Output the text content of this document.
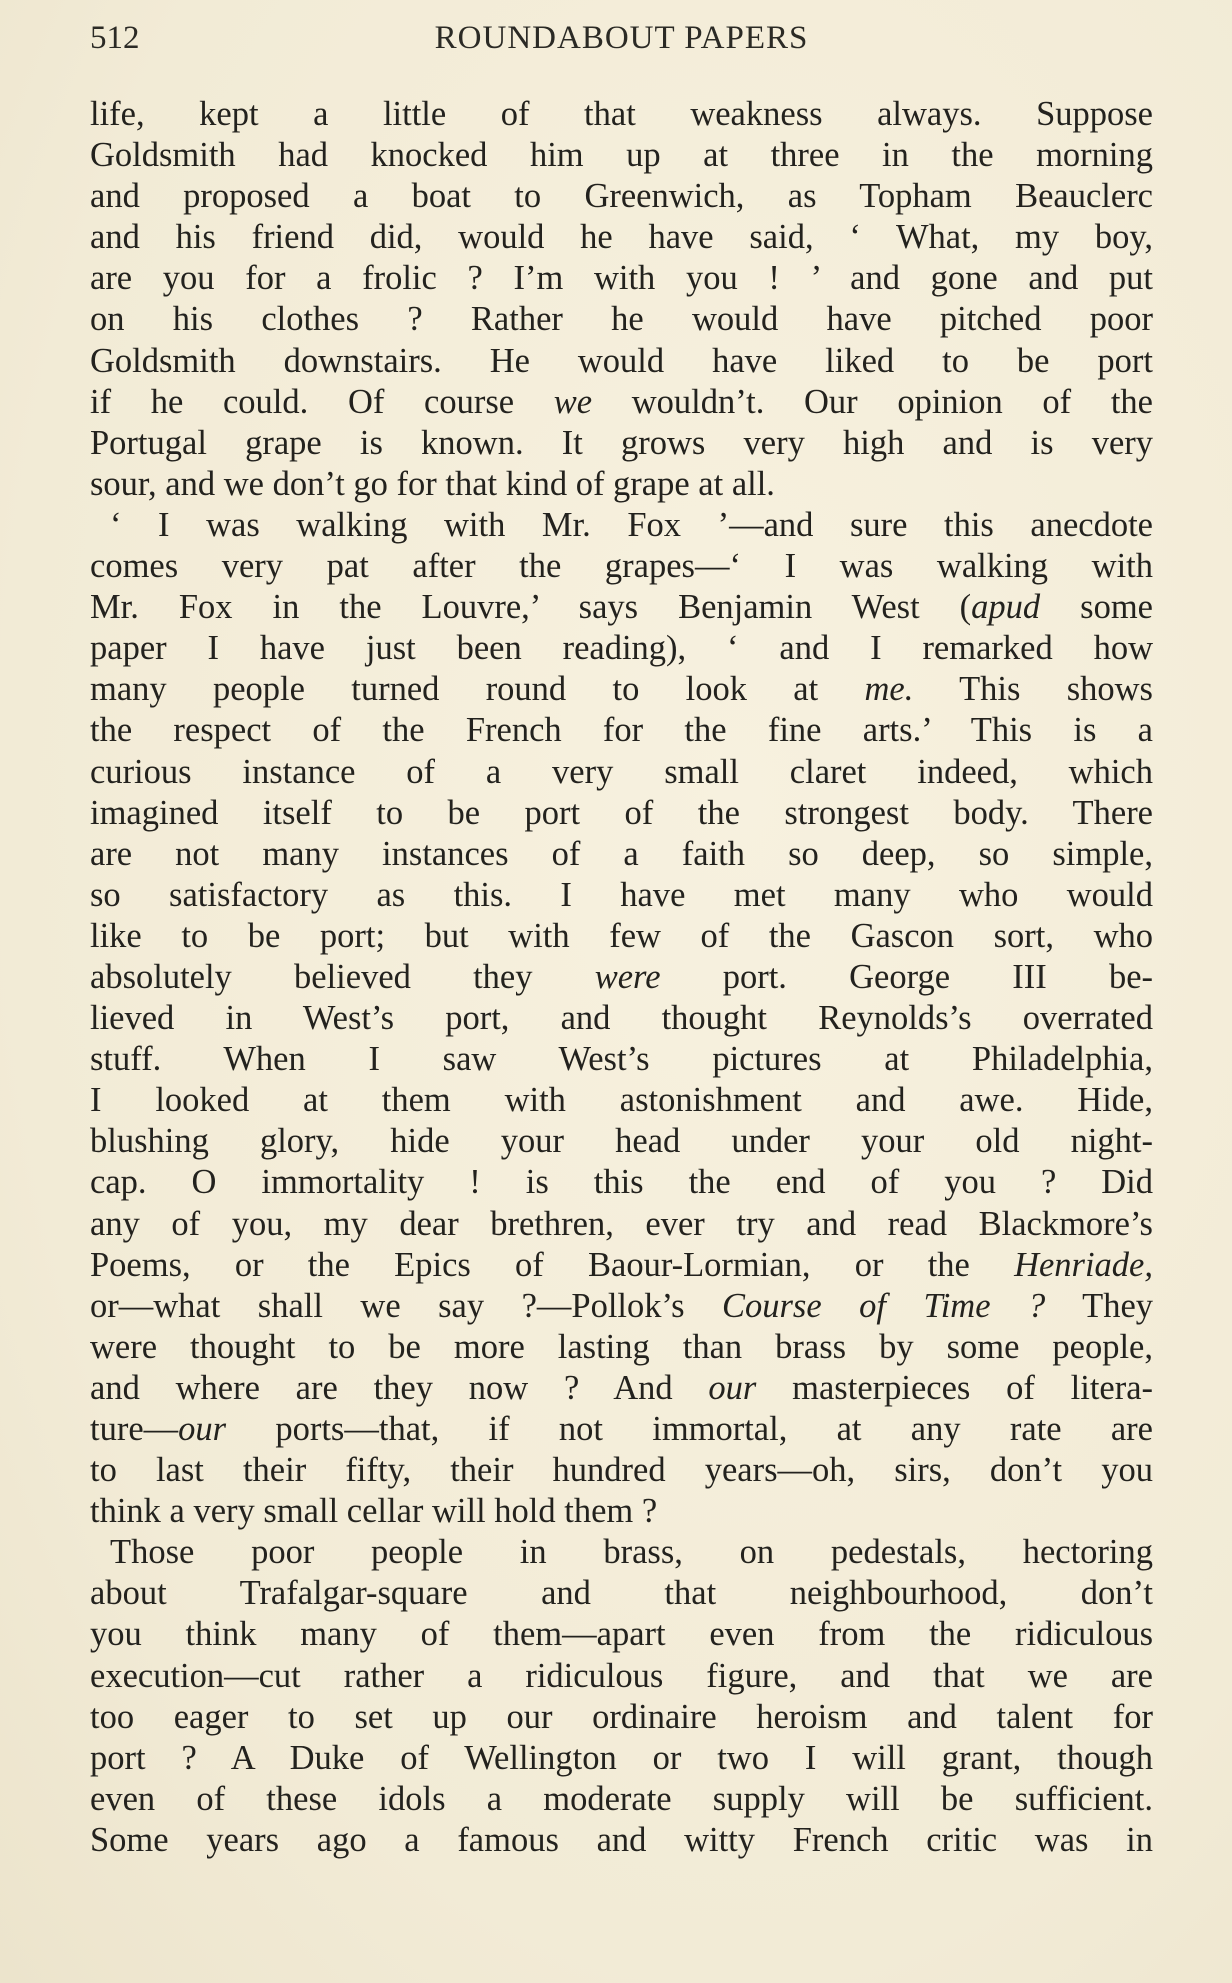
512	ROUNDABOUT PAPERS
life, kept a little of that weakness always. Suppose
Goldsmith had knocked him up at three in the morning
and proposed a boat to Greenwich, as Topham Beauclerc
and his friend did, would he have said, ‘ What, my boy,
are you for a frolic ? I’m with you ! ’ and gone and put
on his clothes ? Rather he would have pitched poor
Goldsmith downstairs. He would have liked to be port
if he could. Of course we wouldn’t. Our opinion of the
Portugal grape is known. It grows very high and is very
sour, and we don’t go for that kind of grape at all.
‘ I was walking with Mr. Fox ’—and sure this anecdote
comes very pat after the grapes—‘ I was walking with
Mr. Fox in the Louvre,’ says Benjamin West (apud some
paper I have just been reading), ‘ and I remarked how
many people turned round to look at me. This shows
the respect of the French for the fine arts.’ This is a
curious instance of a very small claret indeed, which
imagined itself to be port of the strongest body. There
are not many instances of a faith so deep, so simple,
so satisfactory as this. I have met many who would
like to be port; but with few of the Gascon sort, who
absolutely believed they were port. George III be-
lieved in West’s port, and thought Reynolds’s overrated
stuff. When I saw West’s pictures at Philadelphia,
I looked at them with astonishment and awe. Hide,
blushing glory, hide your head under your old night-
cap. O immortality ! is this the end of you ? Did
any of you, my dear brethren, ever try and read Blackmore’s
Poems, or the Epics of Baour-Lormian, or the Henriade,
or—what shall we say ?—Pollok’s Course of Time ? They
were thought to be more lasting than brass by some people,
and where are they now ? And our masterpieces of litera-
ture—our ports—that, if not immortal, at any rate are
to last their fifty, their hundred years—oh, sirs, don’t you
think a very small cellar will hold them ?
Those poor people in brass, on pedestals, hectoring
about Trafalgar-square and that neighbourhood, don’t
you think many of them—apart even from the ridiculous
execution—cut rather a ridiculous figure, and that we are
too eager to set up our ordinaire heroism and talent for
port ? A Duke of Wellington or two I will grant, though
even of these idols a moderate supply will be sufficient.
Some years ago a famous and witty French critic was in
